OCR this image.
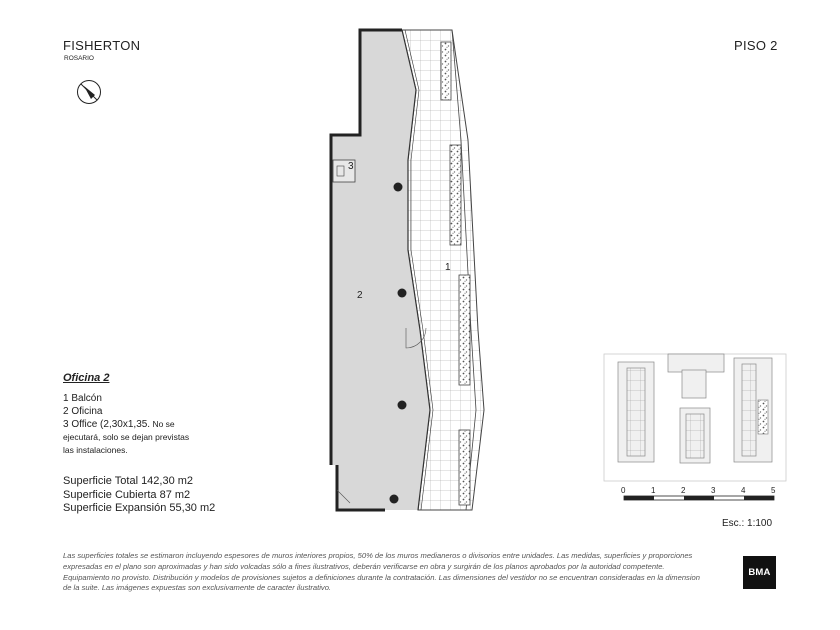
FISHERTON
ROSARIO
PISO 2
1
2
3
0	1	2	3	4	5
Oficina 2
1 Balcón
2 Oficina
3 Office (2,30x1,35. No se
ejecutará, solo se dejan previstas
las instalaciones.
Superficie Total 142,30 m2
Superficie Cubierta 87 m2
Superficie Expansión 55,30 m2
Esc.: 1:100
Las superficies totales se estimaron incluyendo espesores de muros interiores propios, 50% de los muros medianeros o divisorios entre unidades. Las medidas, superficies y proporciones expresadas en el plano son aproximadas y han sido volcadas sólo a fines ilustrativos, deberán verificarse en obra y surgirán de los planos aprobados por la autoridad competente. Equipamiento no provisto. Distribución y modelos de provisiones sujetos a definiciones durante la contratación. Las dimensiones del vestidor no se encuentran consideradas en la dimension de la suite. Las imágenes expuestas son exclusivamente de caracter ilustrativo.
BMA
